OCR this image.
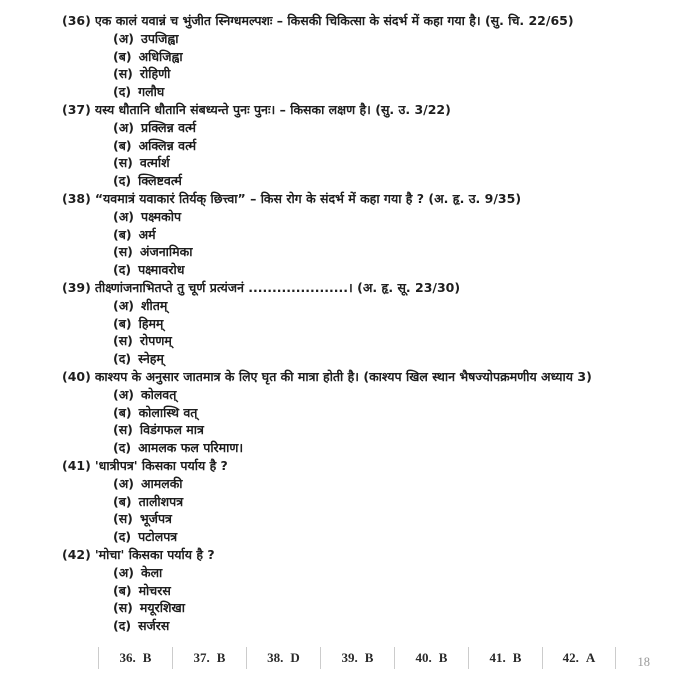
(36) एक कालं यवान्नं च भुंजीत स्निग्धमल्पशः – किसकी चिकित्सा के संदर्भ में कहा गया है। (सु. चि. 22/65)
(अ) उपजिह्वा
(ब) अधिजिह्वा
(स) रोहिणी
(द) गलौघ
(37) यस्य धौतानि धौतानि संबध्यन्ते पुनः पुनः। – किसका लक्षण है। (सु. उ. 3/22)
(अ) प्रक्लिन्न वर्त्म
(ब) अक्लिन्न वर्त्म
(स) वर्त्मार्श
(द) क्लिष्टवर्त्म
(38) “यवमात्रं यवाकारं तिर्यक् छित्त्वा” – किस रोग के संदर्भ में कहा गया है ? (अ. हृ. उ. 9/35)
(अ) पक्ष्मकोप
(ब) अर्म
(स) अंजनामिका
(द) पक्ष्मावरोध
(39) तीक्ष्णांजनाभितप्ते तु चूर्ण प्रत्यंजनं .....................। (अ. हृ. सू. 23/30)
(अ) शीतम्
(ब) हिमम्
(स) रोपणम्
(द) स्नेहम्
(40) काश्यप के अनुसार जातमात्र के लिए घृत की मात्रा होती है। (काश्यप खिल स्थान भैषज्योपक्रमणीय अध्याय 3)
(अ) कोलवत्
(ब) कोलास्थि वत्
(स) विडंगफल मात्र
(द) आमलक फल परिमाण।
(41) 'धात्रीपत्र' किसका पर्याय है ?
(अ) आमलकी
(ब) तालीशपत्र
(स) भूर्जपत्र
(द) पटोलपत्र
(42) 'मोचा' किसका पर्याय है ?
(अ) केला
(ब) मोचरस
(स) मयूरशिखा
(द) सर्जरस
36. B	37. B	38. D	39. B	40. B	41. B	42. A	18
